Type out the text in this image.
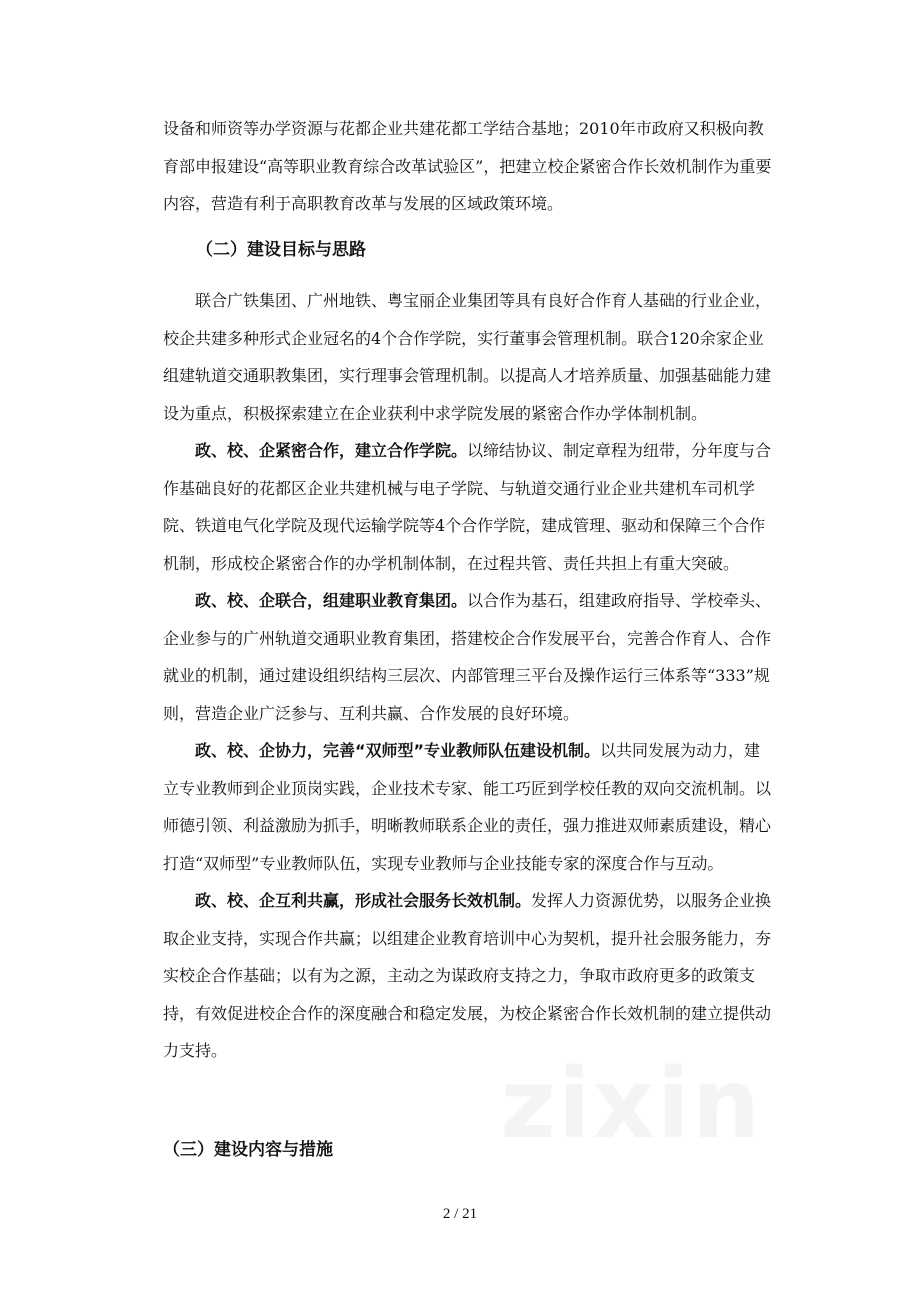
设备和师资等办学资源与花都企业共建花都工学结合基地；2010年市政府又积极向教育部申报建设“高等职业教育综合改革试验区”，把建立校企紧密合作长效机制作为重要内容，营造有利于高职教育改革与发展的区域政策环境。

（二）建设目标与思路

联合广铁集团、广州地铁、粤宝丽企业集团等具有良好合作育人基础的行业企业，校企共建多种形式企业冠名的4个合作学院，实行董事会管理机制。联合120余家企业组建轨道交通职教集团，实行理事会管理机制。以提高人才培养质量、加强基础能力建设为重点，积极探索建立在企业获利中求学院发展的紧密合作办学体制机制。

政、校、企紧密合作，建立合作学院。以缔结协议、制定章程为纽带，分年度与合作基础良好的花都区企业共建机械与电子学院、与轨道交通行业企业共建机车司机学院、铁道电气化学院及现代运输学院等4个合作学院，建成管理、驱动和保障三个合作机制，形成校企紧密合作的办学机制体制，在过程共管、责任共担上有重大突破。

政、校、企联合，组建职业教育集团。以合作为基石，组建政府指导、学校牵头、企业参与的广州轨道交通职业教育集团，搭建校企合作发展平台，完善合作育人、合作就业的机制，通过建设组织结构三层次、内部管理三平台及操作运行三体系等“333”规则，营造企业广泛参与、互利共赢、合作发展的良好环境。

政、校、企协力，完善“双师型”专业教师队伍建设机制。以共同发展为动力，建立专业教师到企业顶岗实践，企业技术专家、能工巧匠到学校任教的双向交流机制。以师德引领、利益激励为抓手，明晰教师联系企业的责任，强力推进双师素质建设，精心打造“双师型”专业教师队伍，实现专业教师与企业技能专家的深度合作与互动。

政、校、企互利共赢，形成社会服务长效机制。发挥人力资源优势，以服务企业换取企业支持，实现合作共赢；以组建企业教育培训中心为契机，提升社会服务能力，夯实校企合作基础；以有为之源，主动之为谋政府支持之力，争取市政府更多的政策支持，有效促进校企合作的深度融合和稳定发展，为校企紧密合作长效机制的建立提供动力支持。

（三）建设内容与措施
2 / 21
